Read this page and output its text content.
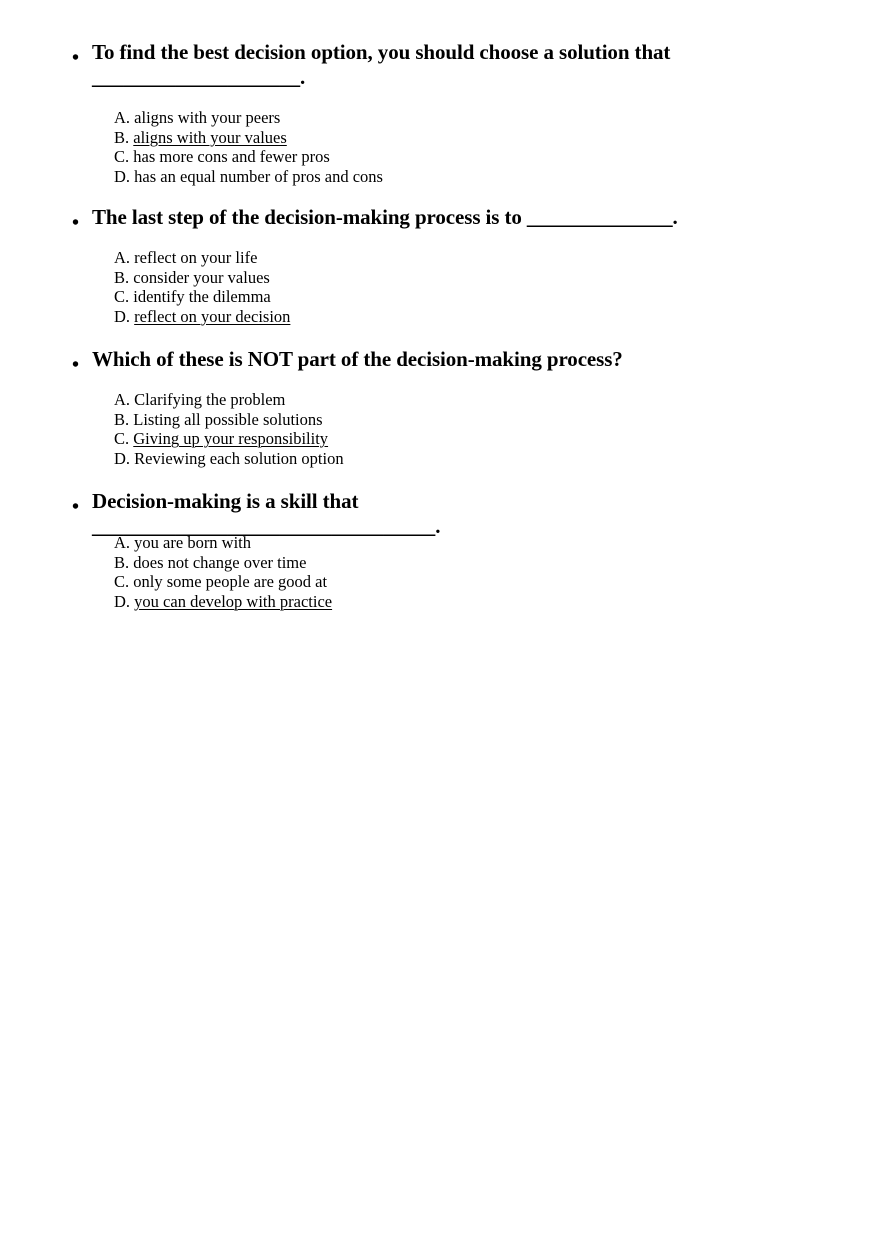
• To find the best decision option, you should choose a solution that ____________________.
A. aligns with your peers
B. aligns with your values
C. has more cons and fewer pros
D. has an equal number of pros and cons
• The last step of the decision-making process is to ______________.
A. reflect on your life
B. consider your values
C. identify the dilemma
D. reflect on your decision
• Which of these is NOT part of the decision-making process?
A. Clarifying the problem
B. Listing all possible solutions
C. Giving up your responsibility
D. Reviewing each solution option
• Decision-making is a skill that _________________________________.
A. you are born with
B. does not change over time
C. only some people are good at
D. you can develop with practice
